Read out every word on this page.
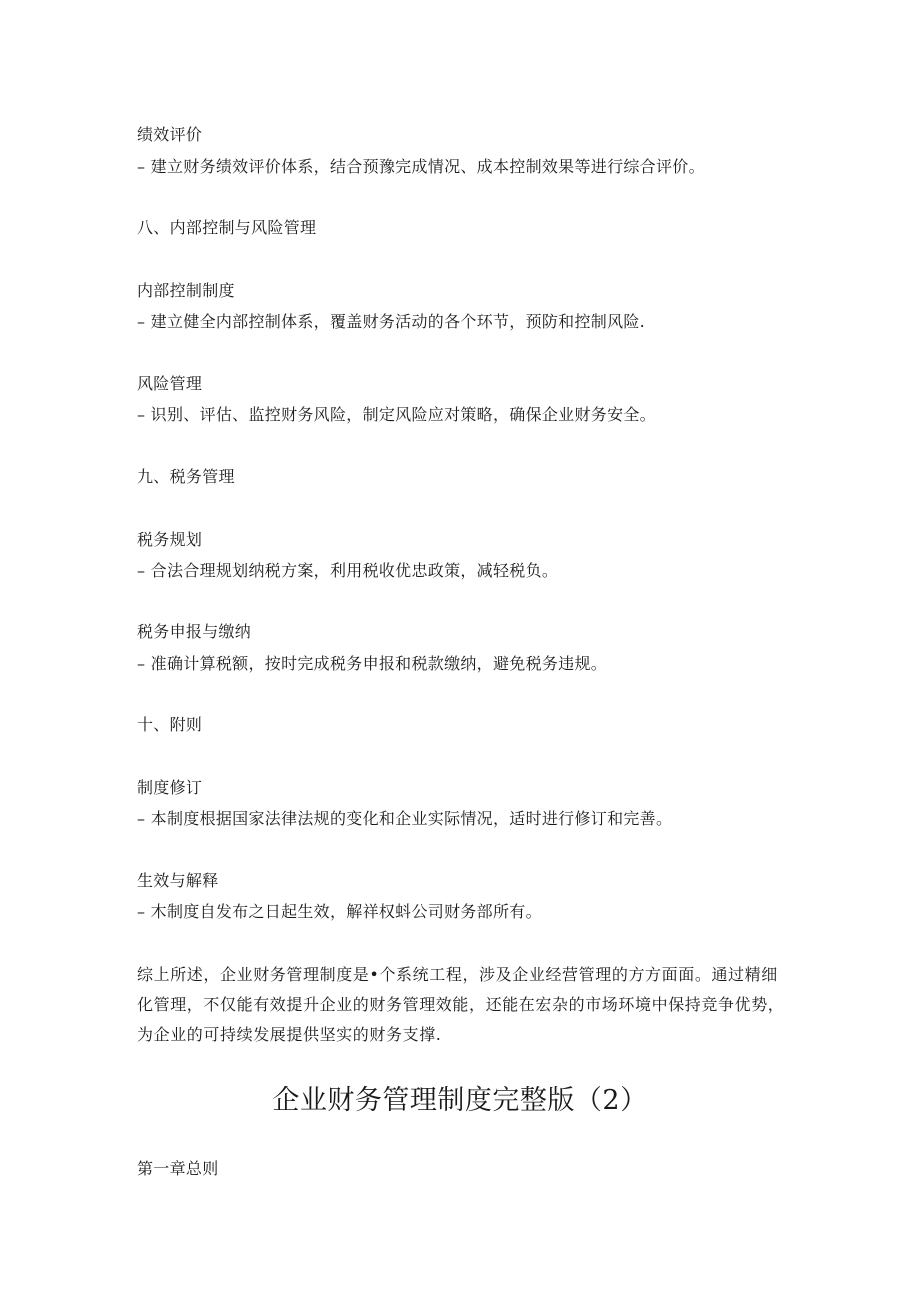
绩效评价
– 建立财务绩效评价体系，结合预豫完成情况、成本控制效果等进行综合评价。
八、内部控制与风险管理
内部控制制度
– 建立健全内部控制体系，覆盖财务活动的各个环节，预防和控制风险.
风险管理
– 识别、评估、监控财务风险，制定风险应对策略，确保企业财务安全。
九、税务管理
税务规划
– 合法合理规划纳税方案，利用税收优忠政策，减轻税负。
税务申报与缴纳
– 准确计算税额，按时完成税务申报和税款缴纳，避免税务违规。
十、附则
制度修订
– 本制度根据国家法律法规的变化和企业实际情况，适时进行修订和完善。
生效与解释
– 木制度自发布之日起生效，解祥权蚪公司财务部所有。
综上所述，企业财务管理制度是•个系统工程，涉及企业经营管理的方方面面。通过精细化管理，不仅能有效提升企业的财务管理效能，还能在宏杂的市场环境中保持竞争优势，为企业的可持续发展提供坚实的财务支撑.
企业财务管理制度完整版（2）
第一章总则
